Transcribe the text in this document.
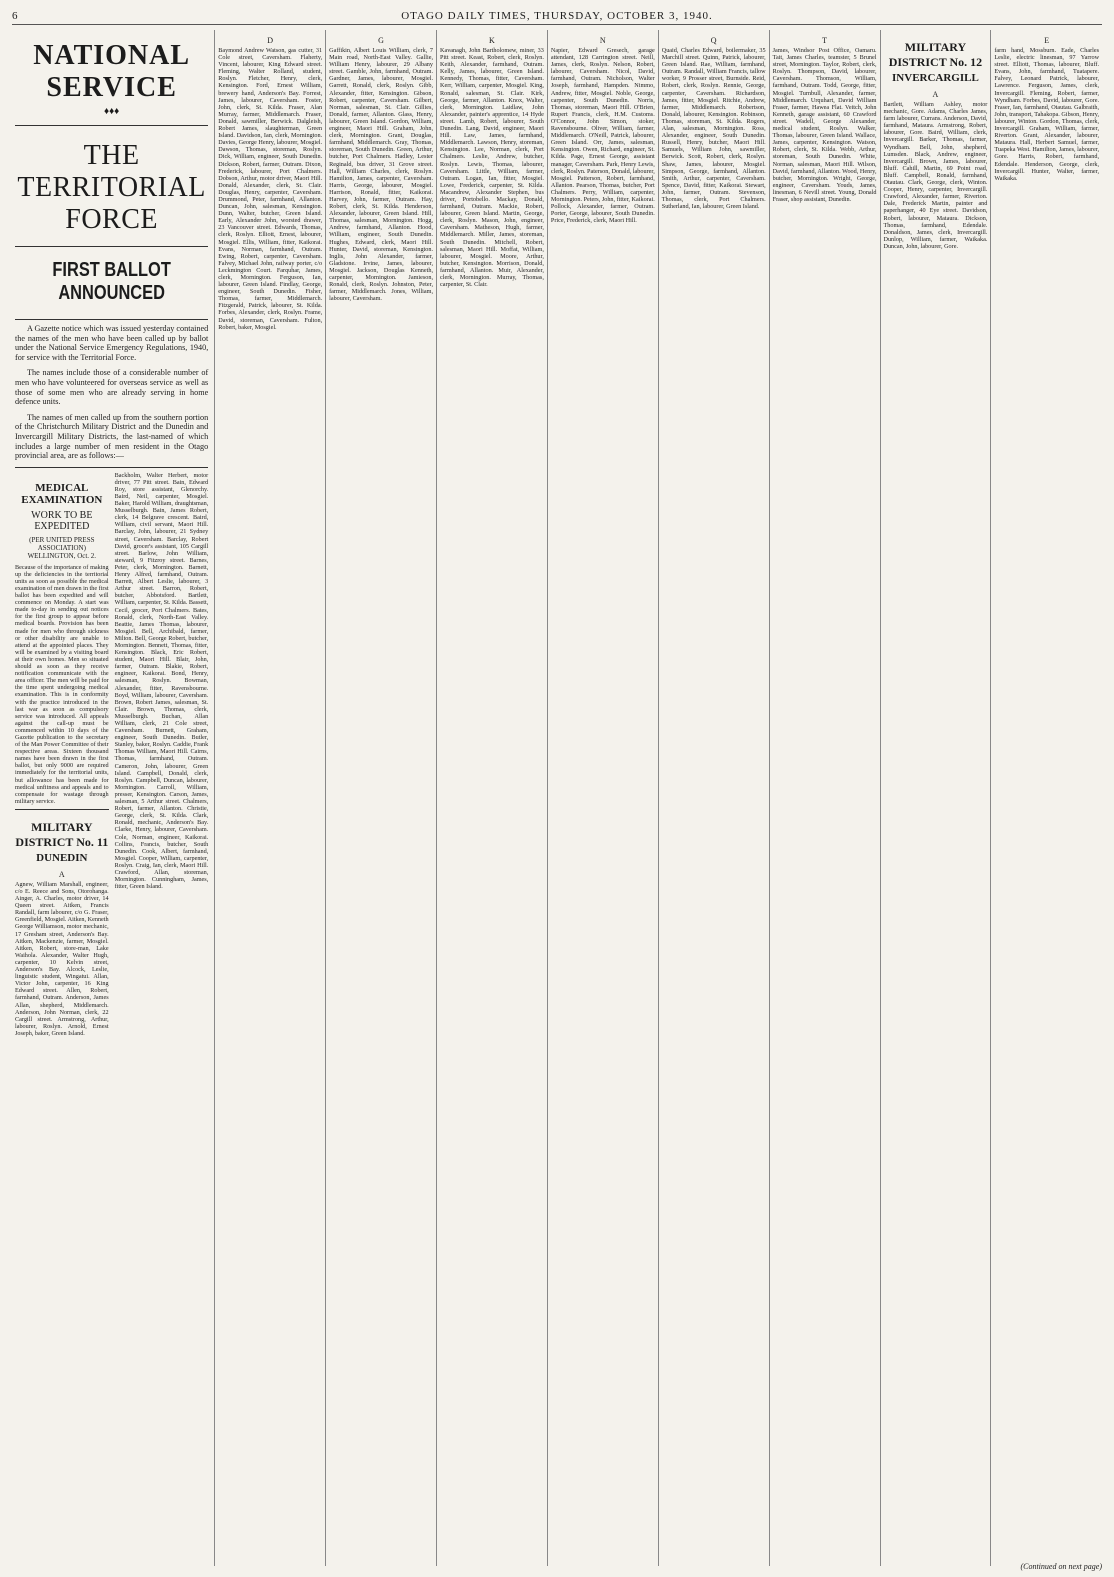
6	OTAGO DAILY TIMES, THURSDAY, OCTOBER 3, 1940.
NATIONAL SERVICE
♦♦♦
THE TERRITORIAL FORCE
FIRST BALLOT ANNOUNCED

A Gazette notice which was issued yesterday contained the names of the men who have been called up by ballot under the National Service Emergency Regulations, 1940, for service with the Territorial Force.

The names include those of a considerable number of men who have volunteered for overseas service as well as those of some men who are already serving in home defence units.

The names of men called up from the southern portion of the Christchurch Military District and the Dunedin and Invercargill Military Districts, the last-named of which includes a large number of men resident in the Otago provincial area, are as follows:—

MEDICAL EXAMINATION
WORK TO BE EXPEDITED
(PER UNITED PRESS ASSOCIATION) WELLINGTON, Oct. 2.

Because of the importance of making up the deficiencies in the territorial units as soon as possible the medical examination of men drawn in the first ballot has been expedited and will commence on Monday. A start was made to-day in sending out notices for the first group to appear before medical boards. Provision has been made for men who through sickness or other disability are unable to attend at the appointed places. They will be examined by a visiting board at their own homes. Men so situated should as soon as they receive notification communicate with the area officer. The men will be paid for the time spent undergoing medical examination. This is in conformity with the practice introduced in the last war as soon as compulsory service was introduced. All appeals against the call-up must be commenced within 10 days of the Gazette publication to the secretary of the Man Power Committee of their respective areas. Sixteen thousand names have been drawn in the first ballot, but only 9000 are required immediately for the territorial units, but allowance has been made for medical unfitness and appeals and to compensate for wastage through military service.

MILITARY DISTRICT No. 11
DUNEDIN
A

Agnew, William Marshall, engineer, c/o E. Reece and Sons, Otorohanga. Ainger, A. Charles, motor driver, 14 Queen street. Aitken, Francis Randall, farm labourer, c/o G. Fraser, Greenfield, Mosgiel. Aitken, Kenneth George Williamson, motor mechanic, 17 Gresham street, Anderson's Bay. Aitken, Mackenzie, farmer, Mosgiel. Aitken, Robert, store-man, Lake Waihola. Alexander, Walter Hugh, carpenter, 10 Kelvin street, Anderson's Bay. Alcock, Leslie, linguistic student, Wingatui. Allan, Victor John, carpenter, 16 King Edward street. Allen, Robert, farmhand, Outram. Anderson, James Allan, shepherd, Middlemarch. Anderson, John Norman, clerk, 22 Cargill street. Armstrong, Arthur, labourer, Roslyn. Arnold, Ernest Joseph, baker, Green Island.

Backholm, Walter Herbert, motor driver, 77 Pitt street. Bain, Edward Roy, store assistant, Glenorchy. Baird, Neil, carpenter, Mosgiel. Baker, Harold William, draughtsman, Musselburgh. Bain, James Robert, clerk, 14 Belgrave crescent. Baird, William, civil servant, Maori Hill. Barclay, John, labourer, 21 Sydney street, Caversham. Barclay, Robert David, grocer's assistant, 105 Cargill street. Barlow, John William, steward, 9 Fitzroy street. Barnes, Peter, clerk, Mornington. Barnett, Henry Alfred, farmhand, Outram. Barrett, Albert Leslie, labourer, 3 Arthur street. Barron, Robert, butcher, Abbotsford. Bartlett, William, carpenter, St. Kilda. Bassett, Cecil, grocer, Port Chalmers. Bates, Ronald, clerk, North-East Valley. Beattie, James Thomas, labourer, Mosgiel. Bell, Archibald, farmer, Milton. Bell, George Robert, butcher, Mornington. Bennett, Thomas, fitter, Kensington. Black, Eric Robert, student, Maori Hill. Blair, John, farmer, Outram. Blakie, Robert, engineer, Kaikorai. Bond, Henry, salesman, Roslyn. Bowman, Alexander, fitter, Ravensbourne. Boyd, William, labourer, Caversham. Brown, Robert James, salesman, St. Clair. Brown, Thomas, clerk, Musselburgh. Buchan, Allan William, clerk, 21 Cole street, Caversham. Burnett, Graham, engineer, South Dunedin. Butler, Stanley, baker, Roslyn. Caddie, Frank Thomas William, Maori Hill. Cairns, Thomas, farmhand, Outram. Cameron, John, labourer, Green Island. Campbell, Donald, clerk, Roslyn. Campbell, Duncan, labourer, Mornington. Carroll, William, presser, Kensington. Carson, James, salesman, 5 Arthur street. Chalmers, Robert, farmer, Allanton. Christie, George, clerk, St. Kilda. Clark, Ronald, mechanic, Anderson's Bay. Clarke, Henry, labourer, Caversham. Cole, Norman, engineer, Kaikorai. Collins, Francis, butcher, South Dunedin. Cook, Albert, farmhand, Mosgiel. Cooper, William, carpenter, Roslyn. Craig, Ian, clerk, Maori Hill. Crawford, Allan, storeman, Mornington. Cunningham, James, fitter, Green Island.

D

Baymond Andrew Watson, gas cutter, 31 Cole street, Caversham. Flaherty, Vincent, labourer, King Edward street. Fleming, Walter Rolland, student, Roslyn. Fletcher, Henry, clerk, Kensington. Ford, Ernest William, brewery hand, Anderson's Bay. Forrest, James, labourer, Caversham. Foster, John, clerk, St. Kilda. Fraser, Alan Murray, farmer, Middlemarch. Fraser, Donald, sawmiller, Berwick. Dalgleish, Robert James, slaughterman, Green Island. Davidson, Ian, clerk, Mornington. Davies, George Henry, labourer, Mosgiel. Dawson, Thomas, storeman, Roslyn. Dick, William, engineer, South Dunedin. Dickson, Robert, farmer, Outram. Dixon, Frederick, labourer, Port Chalmers. Dobson, Arthur, motor driver, Maori Hill. Donald, Alexander, clerk, St. Clair. Douglas, Henry, carpenter, Caversham. Drummond, Peter, farmhand, Allanton. Duncan, John, salesman, Kensington. Dunn, Walter, butcher, Green Island. Early, Alexander John, worsted drawer, 23 Vancouver street. Edwards, Thomas, clerk, Roslyn. Elliott, Ernest, labourer, Mosgiel. Ellis, William, fitter, Kaikorai. Evans, Norman, farmhand, Outram. Ewing, Robert, carpenter, Caversham. Falvey, Michael John, railway porter, c/o Leckmington Court. Farquhar, James, clerk, Mornington. Ferguson, Ian, labourer, Green Island. Findlay, George, engineer, South Dunedin. Fisher, Thomas, farmer, Middlemarch. Fitzgerald, Patrick, labourer, St. Kilda. Forbes, Alexander, clerk, Roslyn. Frame, David, storeman, Caversham. Fulton, Robert, baker, Mosgiel.

G

Gaffikin, Albert Louis William, clerk, 7 Main road, North-East Valley. Gallie, William Henry, labourer, 29 Albany street. Gamble, John, farmhand, Outram. Gardner, James, labourer, Mosgiel. Garrett, Ronald, clerk, Roslyn. Gibb, Alexander, fitter, Kensington. Gibson, Robert, carpenter, Caversham. Gilbert, Norman, salesman, St. Clair. Gillies, Donald, farmer, Allanton. Glass, Henry, labourer, Green Island. Gordon, William, engineer, Maori Hill. Graham, John, clerk, Mornington. Grant, Douglas, farmhand, Middlemarch. Gray, Thomas, storeman, South Dunedin. Green, Arthur, butcher, Port Chalmers. Hadley, Lester Reginald, bus driver, 31 Grove street. Hall, William Charles, clerk, Roslyn. Hamilton, James, carpenter, Caversham. Harris, George, labourer, Mosgiel. Harrison, Ronald, fitter, Kaikorai. Harvey, John, farmer, Outram. Hay, Robert, clerk, St. Kilda. Henderson, Alexander, labourer, Green Island. Hill, Thomas, salesman, Mornington. Hogg, Andrew, farmhand, Allanton. Hood, William, engineer, South Dunedin. Hughes, Edward, clerk, Maori Hill. Hunter, David, storeman, Kensington. Inglis, John Alexander, farmer, Gladstone. Irvine, James, labourer, Mosgiel. Jackson, Douglas Kenneth, carpenter, Mornington. Jamieson, Ronald, clerk, Roslyn. Johnston, Peter, farmer, Middlemarch. Jones, William, labourer, Caversham.

K

Kavanagh, John Bartholomew, miner, 33 Pitt street. Keast, Robert, clerk, Roslyn. Keith, Alexander, farmhand, Outram. Kelly, James, labourer, Green Island. Kennedy, Thomas, fitter, Caversham. Kerr, William, carpenter, Mosgiel. King, Ronald, salesman, St. Clair. Kirk, George, farmer, Allanton. Knox, Walter, clerk, Mornington. Laidlaw, John Alexander, painter's apprentice, 14 Hyde street. Lamb, Robert, labourer, South Dunedin. Lang, David, engineer, Maori Hill. Law, James, farmhand, Middlemarch. Lawson, Henry, storeman, Kensington. Lee, Norman, clerk, Port Chalmers. Leslie, Andrew, butcher, Roslyn. Lewis, Thomas, labourer, Caversham. Little, William, farmer, Outram. Logan, Ian, fitter, Mosgiel. Lowe, Frederick, carpenter, St. Kilda. Macandrew, Alexander Stephen, bus driver, Portobello. Mackay, Donald, farmhand, Outram. Mackie, Robert, labourer, Green Island. Martin, George, clerk, Roslyn. Mason, John, engineer, Caversham. Matheson, Hugh, farmer, Middlemarch. Miller, James, storeman, South Dunedin. Mitchell, Robert, salesman, Maori Hill. Moffat, William, labourer, Mosgiel. Moore, Arthur, butcher, Kensington. Morrison, Donald, farmhand, Allanton. Muir, Alexander, clerk, Mornington. Murray, Thomas, carpenter, St. Clair.

N

Napier, Edward Gresech, garage attendant, 128 Carrington street. Neill, James, clerk, Roslyn. Nelson, Robert, labourer, Caversham. Nicol, David, farmhand, Outram. Nicholson, Walter Joseph, farmhand, Hampden. Nimmo, Andrew, fitter, Mosgiel. Noble, George, carpenter, South Dunedin. Norris, Thomas, storeman, Maori Hill. O'Brien, Rupert Francis, clerk, H.M. Customs. O'Connor, John Simon, stoker, Ravensbourne. Oliver, William, farmer, Middlemarch. O'Neill, Patrick, labourer, Green Island. Orr, James, salesman, Kensington. Owen, Richard, engineer, St. Kilda. Page, Ernest George, assistant manager, Caversham. Park, Henry Lewis, clerk, Roslyn. Paterson, Donald, labourer, Mosgiel. Patterson, Robert, farmhand, Allanton. Pearson, Thomas, butcher, Port Chalmers. Perry, William, carpenter, Mornington. Peters, John, fitter, Kaikorai. Pollock, Alexander, farmer, Outram. Porter, George, labourer, South Dunedin. Price, Frederick, clerk, Maori Hill.

Q

Quaid, Charles Edward, boilermaker, 35 Marchill street. Quinn, Patrick, labourer, Green Island. Rae, William, farmhand, Outram. Randall, William Francis, tallow worker, 9 Prosser street, Burnside. Reid, Robert, clerk, Roslyn. Rennie, George, carpenter, Caversham. Richardson, James, fitter, Mosgiel. Ritchie, Andrew, farmer, Middlemarch. Robertson, Donald, labourer, Kensington. Robinson, Thomas, storeman, St. Kilda. Rogers, Alan, salesman, Mornington. Ross, Alexander, engineer, South Dunedin. Russell, Henry, butcher, Maori Hill. Samuels, William John, sawmiller, Berwick. Scott, Robert, clerk, Roslyn. Shaw, James, labourer, Mosgiel. Simpson, George, farmhand, Allanton. Smith, Arthur, carpenter, Caversham. Spence, David, fitter, Kaikorai. Stewart, John, farmer, Outram. Stevenson, Thomas, clerk, Port Chalmers. Sutherland, Ian, labourer, Green Island.

T

James, Windsor Post Office, Oamaru. Tait, James Charles, teamster, 5 Brunel street, Mornington. Taylor, Robert, clerk, Roslyn. Thompson, David, labourer, Caversham. Thomson, William, farmhand, Outram. Todd, George, fitter, Mosgiel. Turnbull, Alexander, farmer, Middlemarch. Urquhart, David William Fraser, farmer, Hawea Flat. Veitch, John Kenneth, garage assistant, 60 Crawford street. Wadell, George Alexander, medical student, Roslyn. Walker, Thomas, labourer, Green Island. Wallace, James, carpenter, Kensington. Watson, Robert, clerk, St. Kilda. Webb, Arthur, storeman, South Dunedin. White, Norman, salesman, Maori Hill. Wilson, David, farmhand, Allanton. Wood, Henry, butcher, Mornington. Wright, George, engineer, Caversham. Youds, James, linesman, 6 Nevill street. Young, Donald Fraser, shop assistant, Dunedin.

MILITARY DISTRICT No. 12
INVERCARGILL
A

Bartlett, William Ashley, motor mechanic, Gore. Adams, Charles James, farm labourer, Currans. Anderson, David, farmhand, Mataura. Armstrong, Robert, labourer, Gore. Baird, William, clerk, Invercargill. Barker, Thomas, farmer, Wyndham. Bell, John, shepherd, Lumsden. Black, Andrew, engineer, Invercargill. Brown, James, labourer, Bluff. Cahill, Martin, 69 Point road, Bluff. Campbell, Ronald, farmhand, Otautau. Clark, George, clerk, Winton. Cooper, Henry, carpenter, Invercargill. Crawford, Alexander, farmer, Riverton. Dale, Frederick Martin, painter and paperhanger, 40 Eye street. Davidson, Robert, labourer, Mataura. Dickson, Thomas, farmhand, Edendale. Donaldson, James, clerk, Invercargill. Dunlop, William, farmer, Waikaka. Duncan, John, labourer, Gore.

E

farm hand, Mossburn. Eade, Charles Leslie, electric linesman, 97 Yarrow street. Elliott, Thomas, labourer, Bluff. Evans, John, farmhand, Tuatapere. Falvey, Leonard Patrick, labourer, Lawrence. Ferguson, James, clerk, Invercargill. Fleming, Robert, farmer, Wyndham. Forbes, David, labourer, Gore. Fraser, Ian, farmhand, Otautau. Galbraith, John, transport, Tahakopa. Gibson, Henry, labourer, Winton. Gordon, Thomas, clerk, Invercargill. Graham, William, farmer, Riverton. Grant, Alexander, labourer, Mataura. Hall, Herbert Samuel, farmer, Tuapeka West. Hamilton, James, labourer, Gore. Harris, Robert, farmhand, Edendale. Henderson, George, clerk, Invercargill. Hunter, Walter, farmer, Waikaka.

(Continued on next page)
